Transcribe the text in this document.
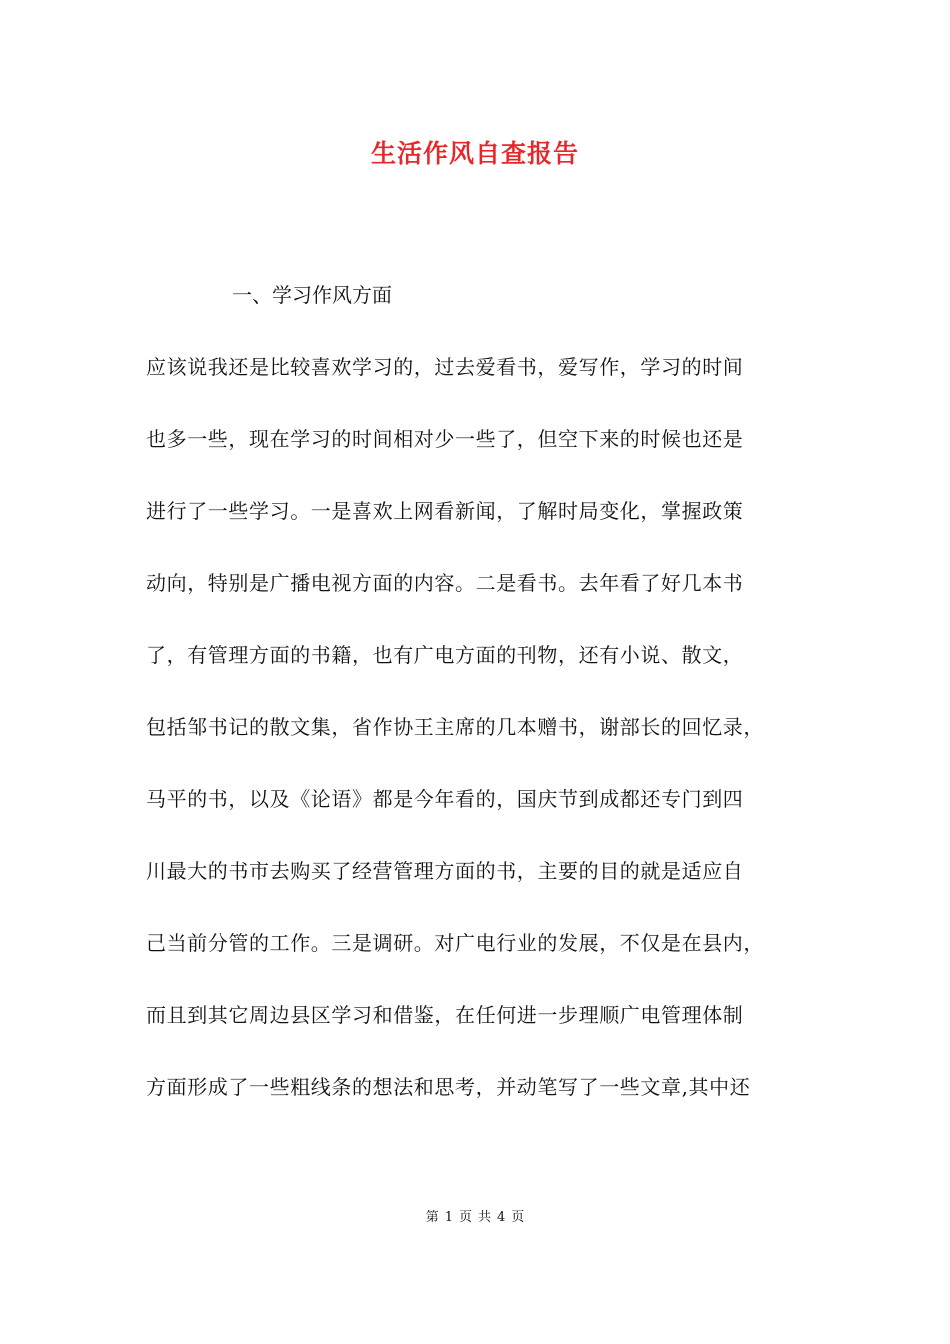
生活作风自查报告
一、学习作风方面
应该说我还是比较喜欢学习的，过去爱看书，爱写作，学习的时间
也多一些，现在学习的时间相对少一些了，但空下来的时候也还是
进行了一些学习。一是喜欢上网看新闻，了解时局变化，掌握政策
动向，特别是广播电视方面的内容。二是看书。去年看了好几本书
了，有管理方面的书籍，也有广电方面的刊物，还有小说、散文，
包括邹书记的散文集，省作协王主席的几本赠书，谢部长的回忆录，
马平的书，以及《论语》都是今年看的，国庆节到成都还专门到四
川最大的书市去购买了经营管理方面的书，主要的目的就是适应自
己当前分管的工作。三是调研。对广电行业的发展，不仅是在县内，
而且到其它周边县区学习和借鉴，在任何进一步理顺广电管理体制
方面形成了一些粗线条的想法和思考，并动笔写了一些文章,其中还
第 1 页 共 4 页
